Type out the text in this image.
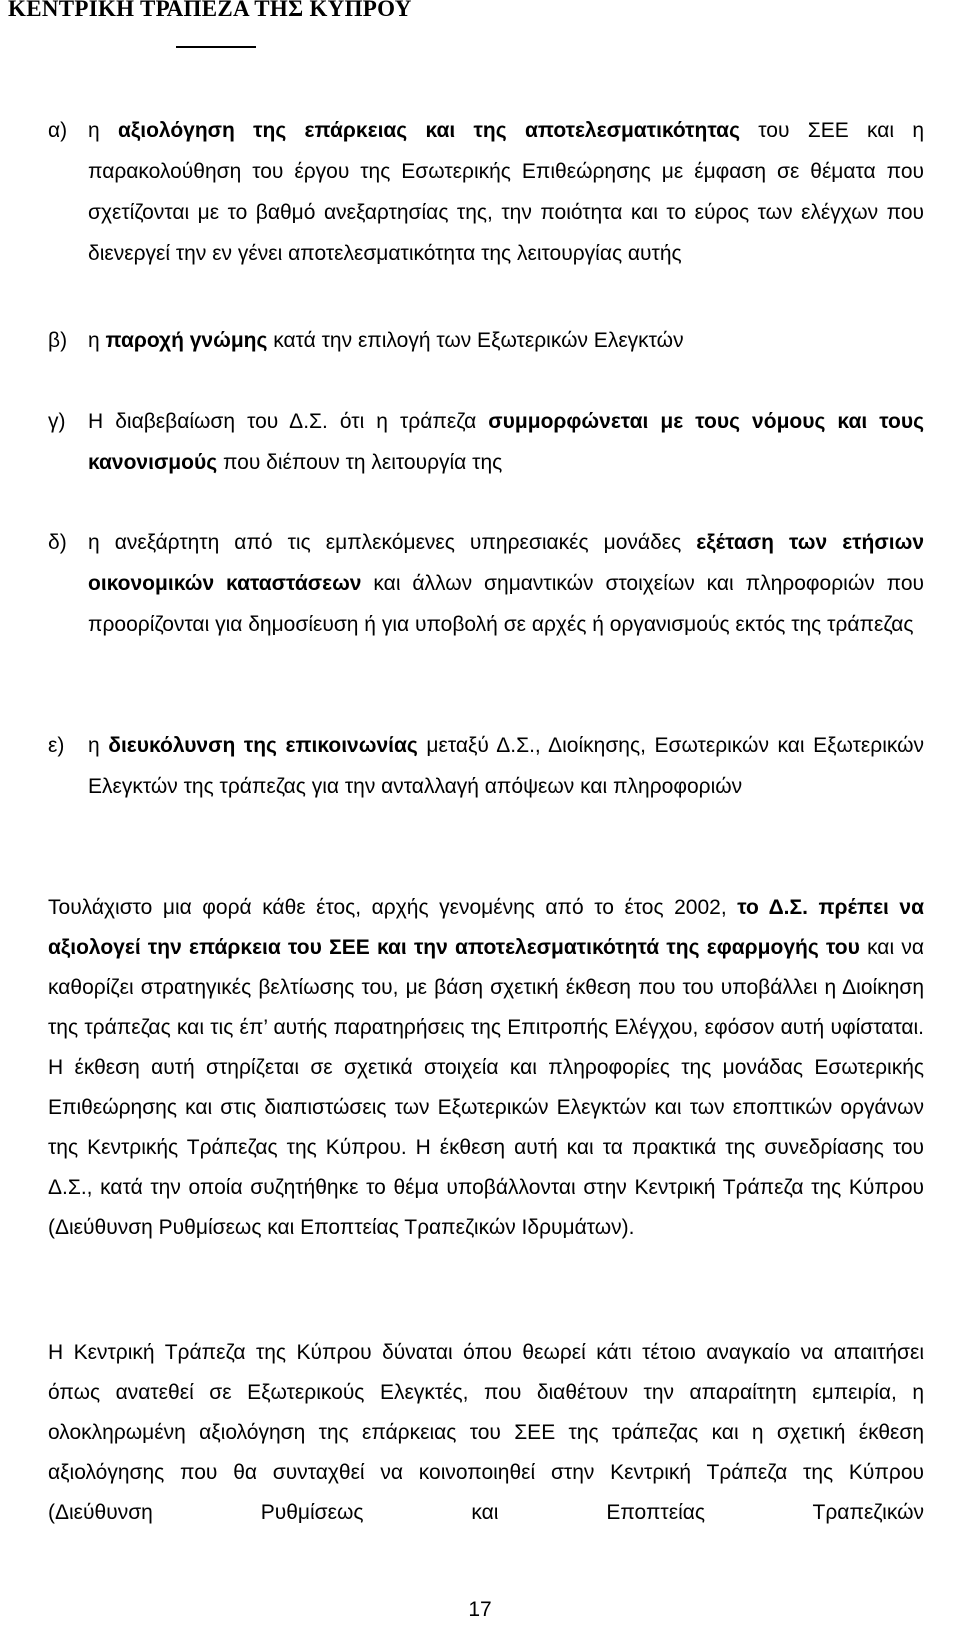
ΚΕΝΤΡΙΚΗ ΤΡΑΠΕΖΑ ΤΗΣ ΚΥΠΡΟΥ
α) η αξιολόγηση της επάρκειας και της αποτελεσματικότητας του ΣΕΕ και η παρακολούθηση του έργου της Εσωτερικής Επιθεώρησης με έμφαση σε θέματα που σχετίζονται με το βαθμό ανεξαρτησίας της, την ποιότητα και το εύρος των ελέγχων που διενεργεί την εν γένει αποτελεσματικότητα της λειτουργίας αυτής
β) η παροχή γνώμης κατά την επιλογή των Εξωτερικών Ελεγκτών
γ) Η διαβεβαίωση του Δ.Σ. ότι η τράπεζα συμμορφώνεται με τους νόμους και τους κανονισμούς που διέπουν τη λειτουργία της
δ) η ανεξάρτητη από τις εμπλεκόμενες υπηρεσιακές μονάδες εξέταση των ετήσιων οικονομικών καταστάσεων και άλλων σημαντικών στοιχείων και πληροφοριών που προορίζονται για δημοσίευση ή για υποβολή σε αρχές ή οργανισμούς εκτός της τράπεζας
ε) η διευκόλυνση της επικοινωνίας μεταξύ Δ.Σ., Διοίκησης, Εσωτερικών και Εξωτερικών Ελεγκτών της τράπεζας για την ανταλλαγή απόψεων και πληροφοριών
Τουλάχιστο μια φορά κάθε έτος, αρχής γενομένης από το έτος 2002, το Δ.Σ. πρέπει να αξιολογεί την επάρκεια του ΣΕΕ και την αποτελεσματικότητά της εφαρμογής του και να καθορίζει στρατηγικές βελτίωσης του, με βάση σχετική έκθεση που του υποβάλλει η Διοίκηση της τράπεζας και τις έπ’ αυτής παρατηρήσεις της Επιτροπής Ελέγχου, εφόσον αυτή υφίσταται. Η έκθεση αυτή στηρίζεται σε σχετικά στοιχεία και πληροφορίες της μονάδας Εσωτερικής Επιθεώρησης και στις διαπιστώσεις των Εξωτερικών Ελεγκτών και των εποπτικών οργάνων της Κεντρικής Τράπεζας της Κύπρου. Η έκθεση αυτή και τα πρακτικά της συνεδρίασης του Δ.Σ., κατά την οποία συζητήθηκε το θέμα υποβάλλονται στην Κεντρική Τράπεζα της Κύπρου (Διεύθυνση Ρυθμίσεως και Εποπτείας Τραπεζικών Ιδρυμάτων).
Η Κεντρική Τράπεζα της Κύπρου δύναται όπου θεωρεί κάτι τέτοιο αναγκαίο να απαιτήσει όπως ανατεθεί σε Εξωτερικούς Ελεγκτές, που διαθέτουν την απαραίτητη εμπειρία, η ολοκληρωμένη αξιολόγηση της επάρκειας του ΣΕΕ της τράπεζας και η σχετική έκθεση αξιολόγησης που θα συνταχθεί να κοινοποιηθεί στην Κεντρική Τράπεζα της Κύπρου (Διεύθυνση Ρυθμίσεως και Εποπτείας Τραπεζικών
17
